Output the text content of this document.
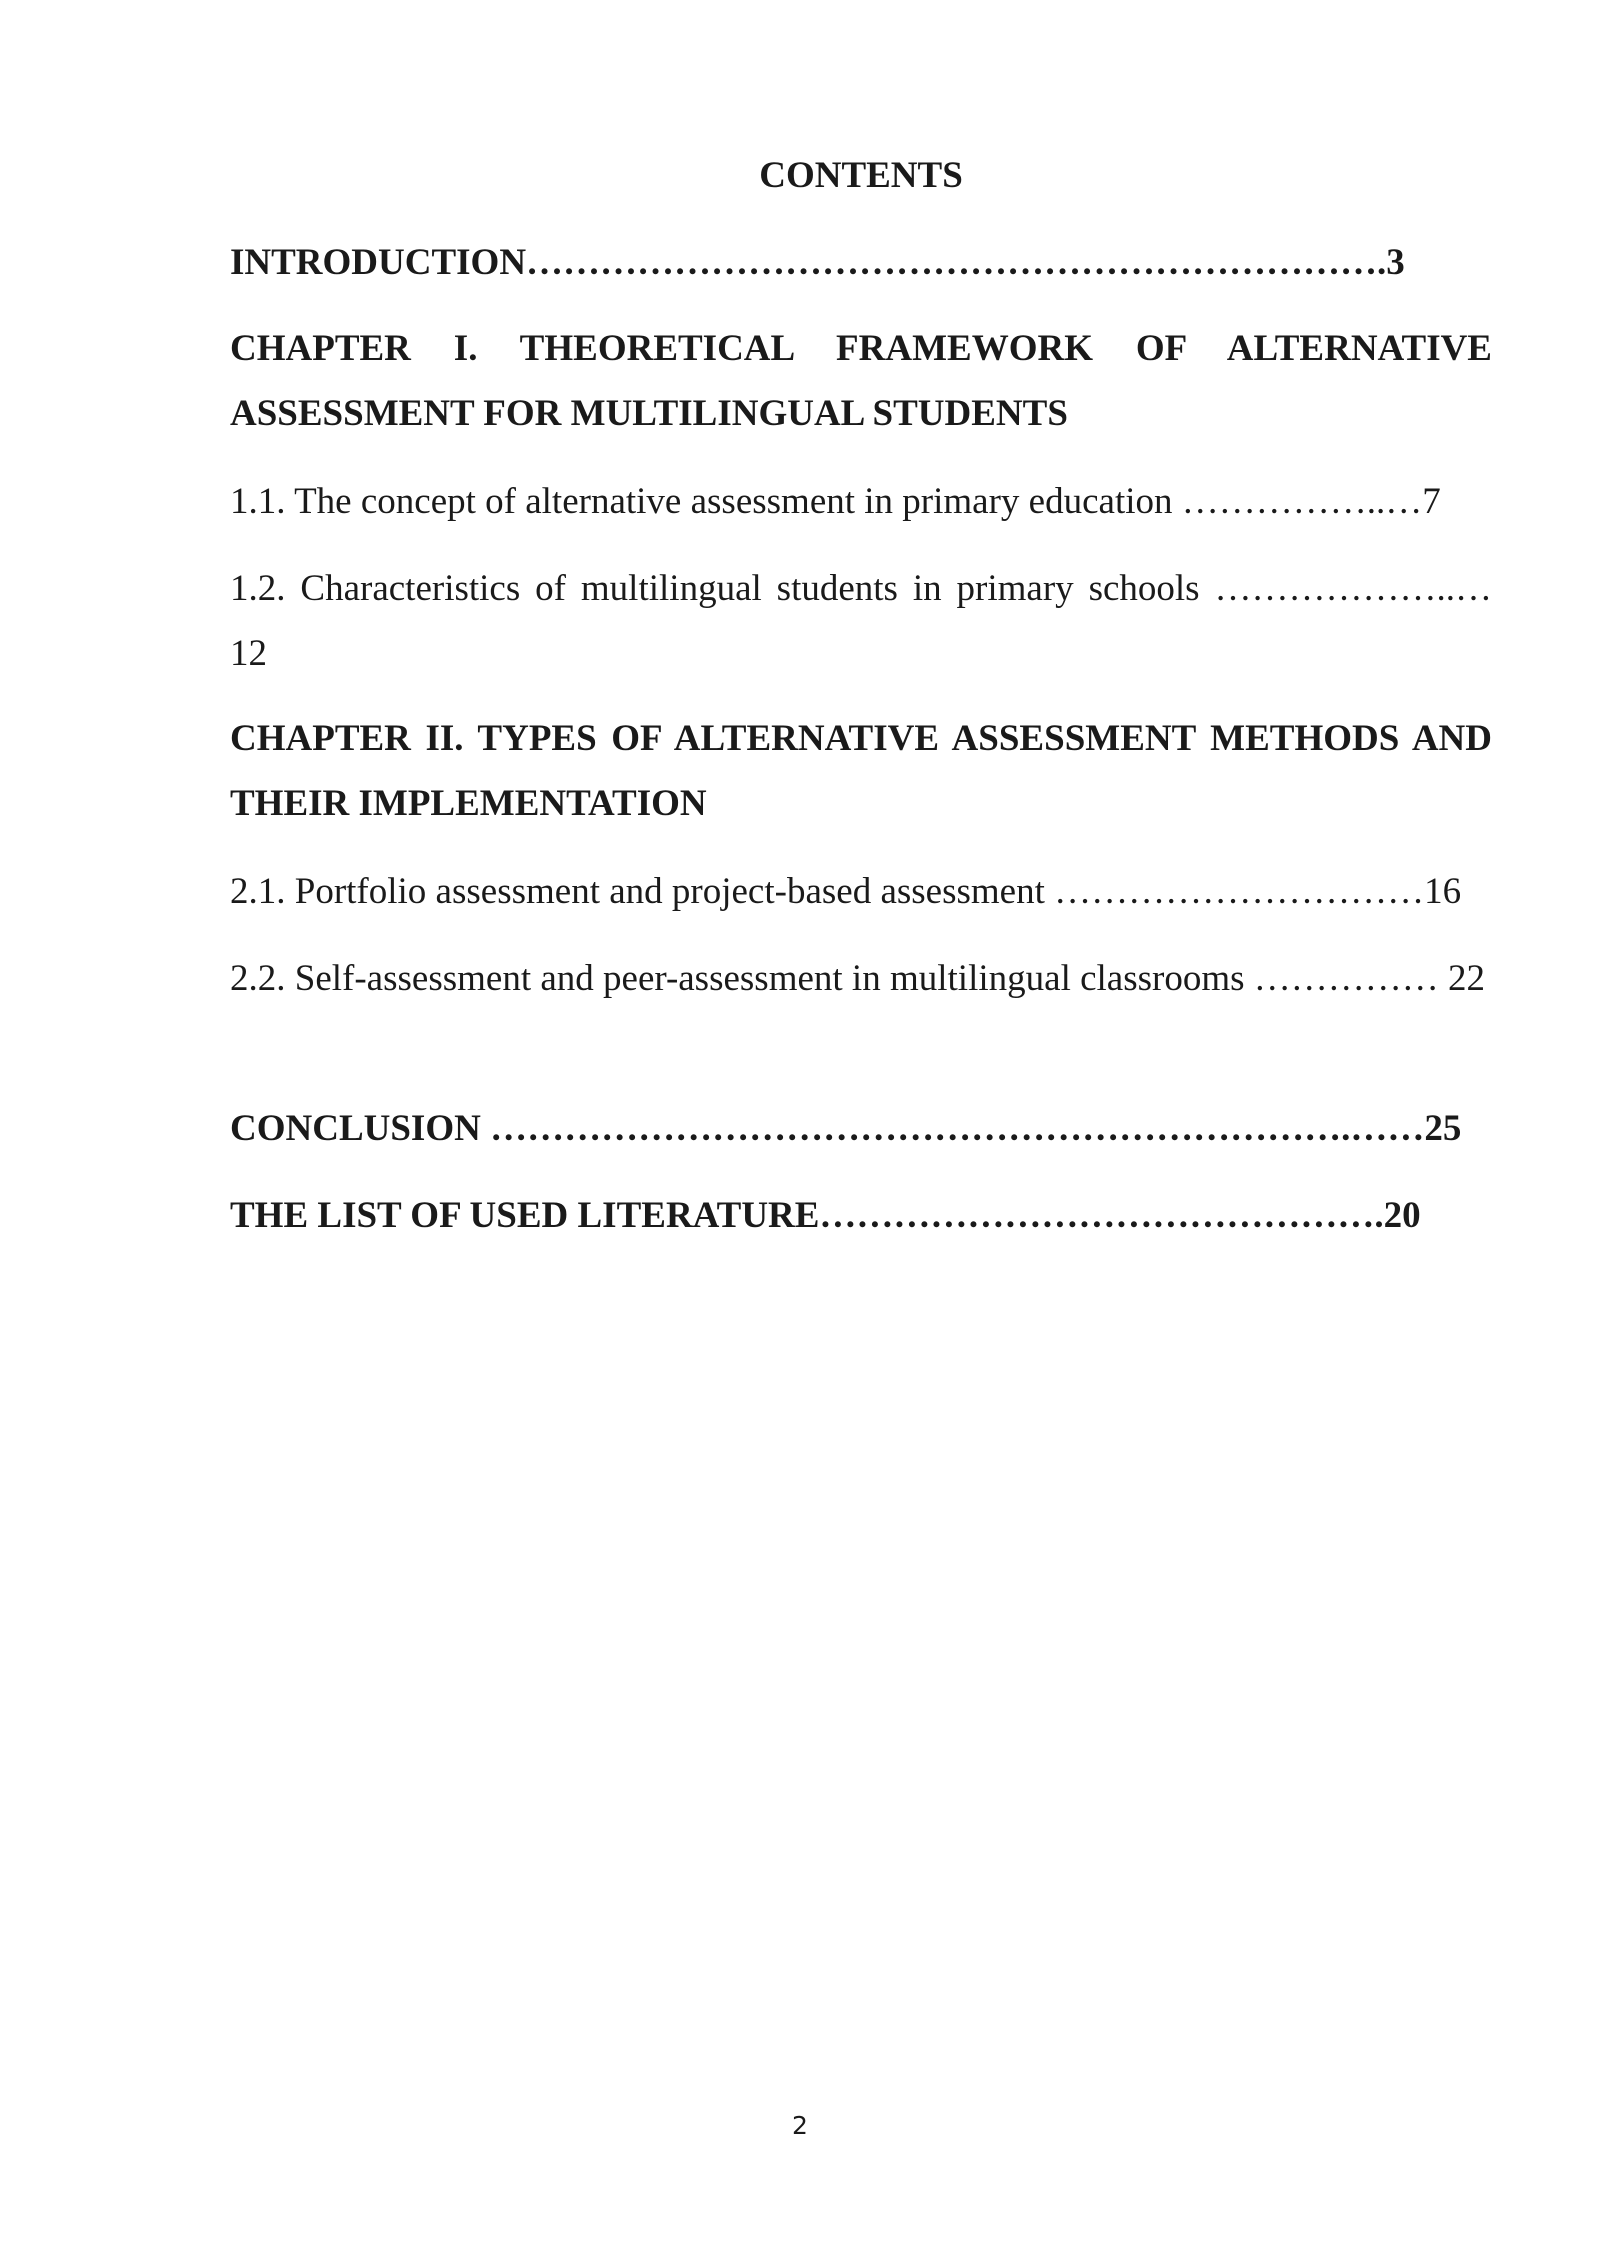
CONTENTS
INTRODUCTION…………………………………………………………….3
CHAPTER I. THEORETICAL FRAMEWORK OF ALTERNATIVE ASSESSMENT FOR MULTILINGUAL STUDENTS
1.1. The concept of alternative assessment in primary education ……………..…7
1.2. Characteristics of multilingual students in primary schools ………………..… 12
CHAPTER II. TYPES OF ALTERNATIVE ASSESSMENT METHODS AND THEIR IMPLEMENTATION
2.1. Portfolio assessment and project-based assessment …………………………16
2.2. Self-assessment and peer-assessment in multilingual classrooms …………… 22
CONCLUSION …………………………………………………………….……25
THE LIST OF USED LITERATURE……………………………………….20
2
